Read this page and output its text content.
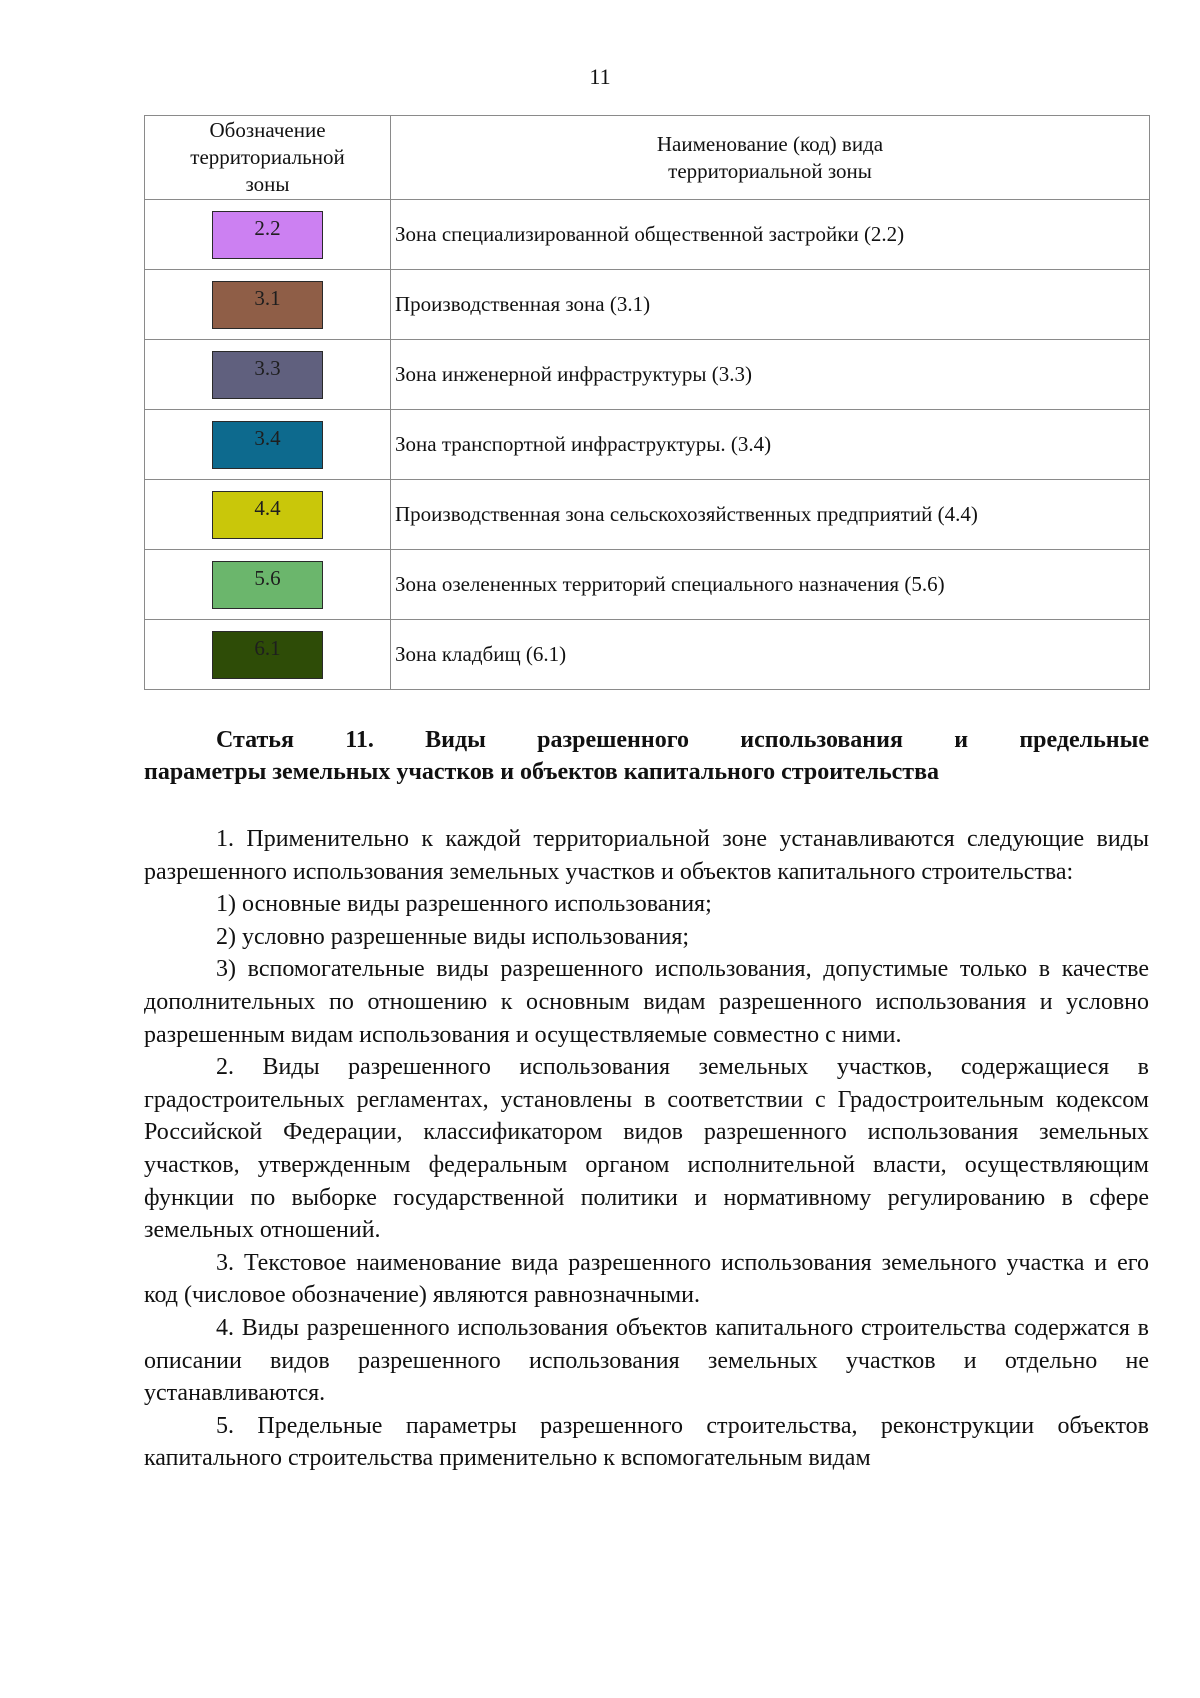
11
Обозначение территориальной зоны	Наименование (код) вида территориальной зоны

2.2	Зона специализированной общественной застройки (2.2)
3.1	Производственная зона (3.1)
3.3	Зона инженерной инфраструктуры (3.3)
3.4	Зона транспортной инфраструктуры. (3.4)
4.4	Производственная зона сельскохозяйственных предприятий (4.4)
5.6	Зона озелененных территорий специального назначения (5.6)
6.1	Зона кладбищ (6.1)
Статья 11. Виды разрешенного использования и предельные
параметры земельных участков и объектов капитального строительства

1. Применительно к каждой территориальной зоне устанавливаются следующие виды разрешенного использования земельных участков и объектов капитального строительства:

1) основные виды разрешенного использования;

2) условно разрешенные виды использования;

3) вспомогательные виды разрешенного использования, допустимые только в качестве дополнительных по отношению к основным видам разрешенного использования и условно разрешенным видам использования и осуществляемые совместно с ними.

2. Виды разрешенного использования земельных участков, содержащиеся в градостроительных регламентах, установлены в соответствии с Градостроительным кодексом Российской Федерации, классификатором видов разрешенного использования земельных участков, утвержденным федеральным органом исполнительной власти, осуществляющим функции по выборке государственной политики и нормативному регулированию в сфере земельных отношений.

3. Текстовое наименование вида разрешенного использования земельного участка и его код (числовое обозначение) являются равнозначными.

4. Виды разрешенного использования объектов капитального строительства содержатся в описании видов разрешенного использования земельных участков и отдельно не устанавливаются.

5. Предельные параметры разрешенного строительства, реконструкции объектов капитального строительства применительно к вспомогательным видам
